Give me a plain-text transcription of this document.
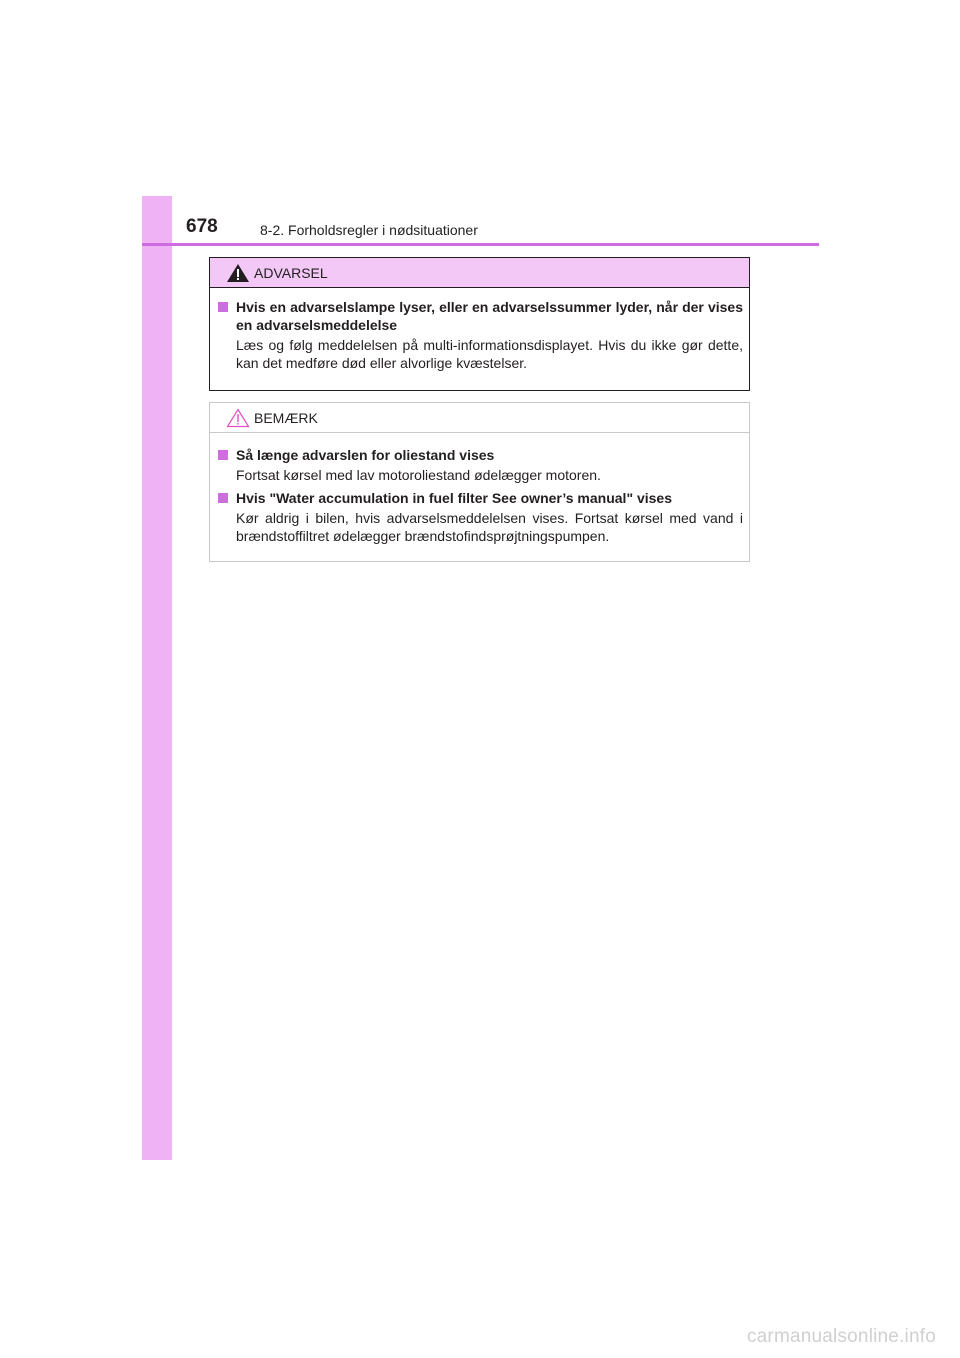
678	8-2. Forholdsregler i nødsituationer
ADVARSEL
Hvis en advarselslampe lyser, eller en advarselssummer lyder, når der vises en advarselsmeddelelse
Læs og følg meddelelsen på multi-informationsdisplayet. Hvis du ikke gør dette, kan det medføre død eller alvorlige kvæstelser.
BEMÆRK
Så længe advarslen for oliestand vises
Fortsat kørsel med lav motoroliestand ødelægger motoren.
Hvis "Water accumulation in fuel filter See owner’s manual" vises
Kør aldrig i bilen, hvis advarselsmeddelelsen vises. Fortsat kørsel med vand i brændstoffiltret ødelægger brændstofindsprøjtningspumpen.
carmanualsonline.info
